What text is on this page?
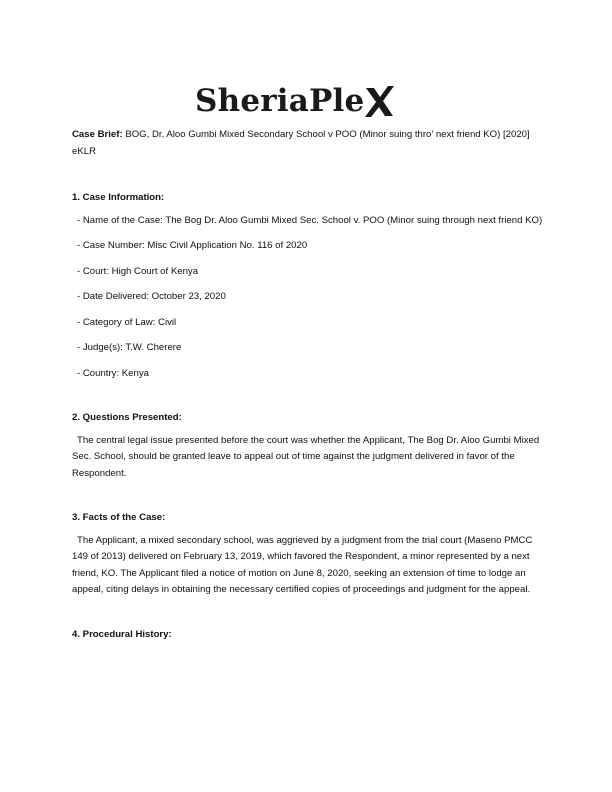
SheriaPle

Case Brief: BOG, Dr. Aloo Gumbi Mixed Secondary School v POO (Minor suing thro’ next friend KO) [2020] eKLR

1. Case Information:

- Name of the Case: The Bog Dr. Aloo Gumbi Mixed Sec. School v. POO (Minor suing through next friend KO)

- Case Number: Misc Civil Application No. 116 of 2020

- Court: High Court of Kenya

- Date Delivered: October 23, 2020

- Category of Law: Civil

- Judge(s): T.W. Cherere

- Country: Kenya

2. Questions Presented:

The central legal issue presented before the court was whether the Applicant, The Bog Dr. Aloo Gumbi Mixed Sec. School, should be granted leave to appeal out of time against the judgment delivered in favor of the Respondent.

3. Facts of the Case:

The Applicant, a mixed secondary school, was aggrieved by a judgment from the trial court (Maseno PMCC 149 of 2013) delivered on February 13, 2019, which favored the Respondent, a minor represented by a next friend, KO. The Applicant filed a notice of motion on June 8, 2020, seeking an extension of time to lodge an appeal, citing delays in obtaining the necessary certified copies of proceedings and judgment for the appeal.

4. Procedural History:
